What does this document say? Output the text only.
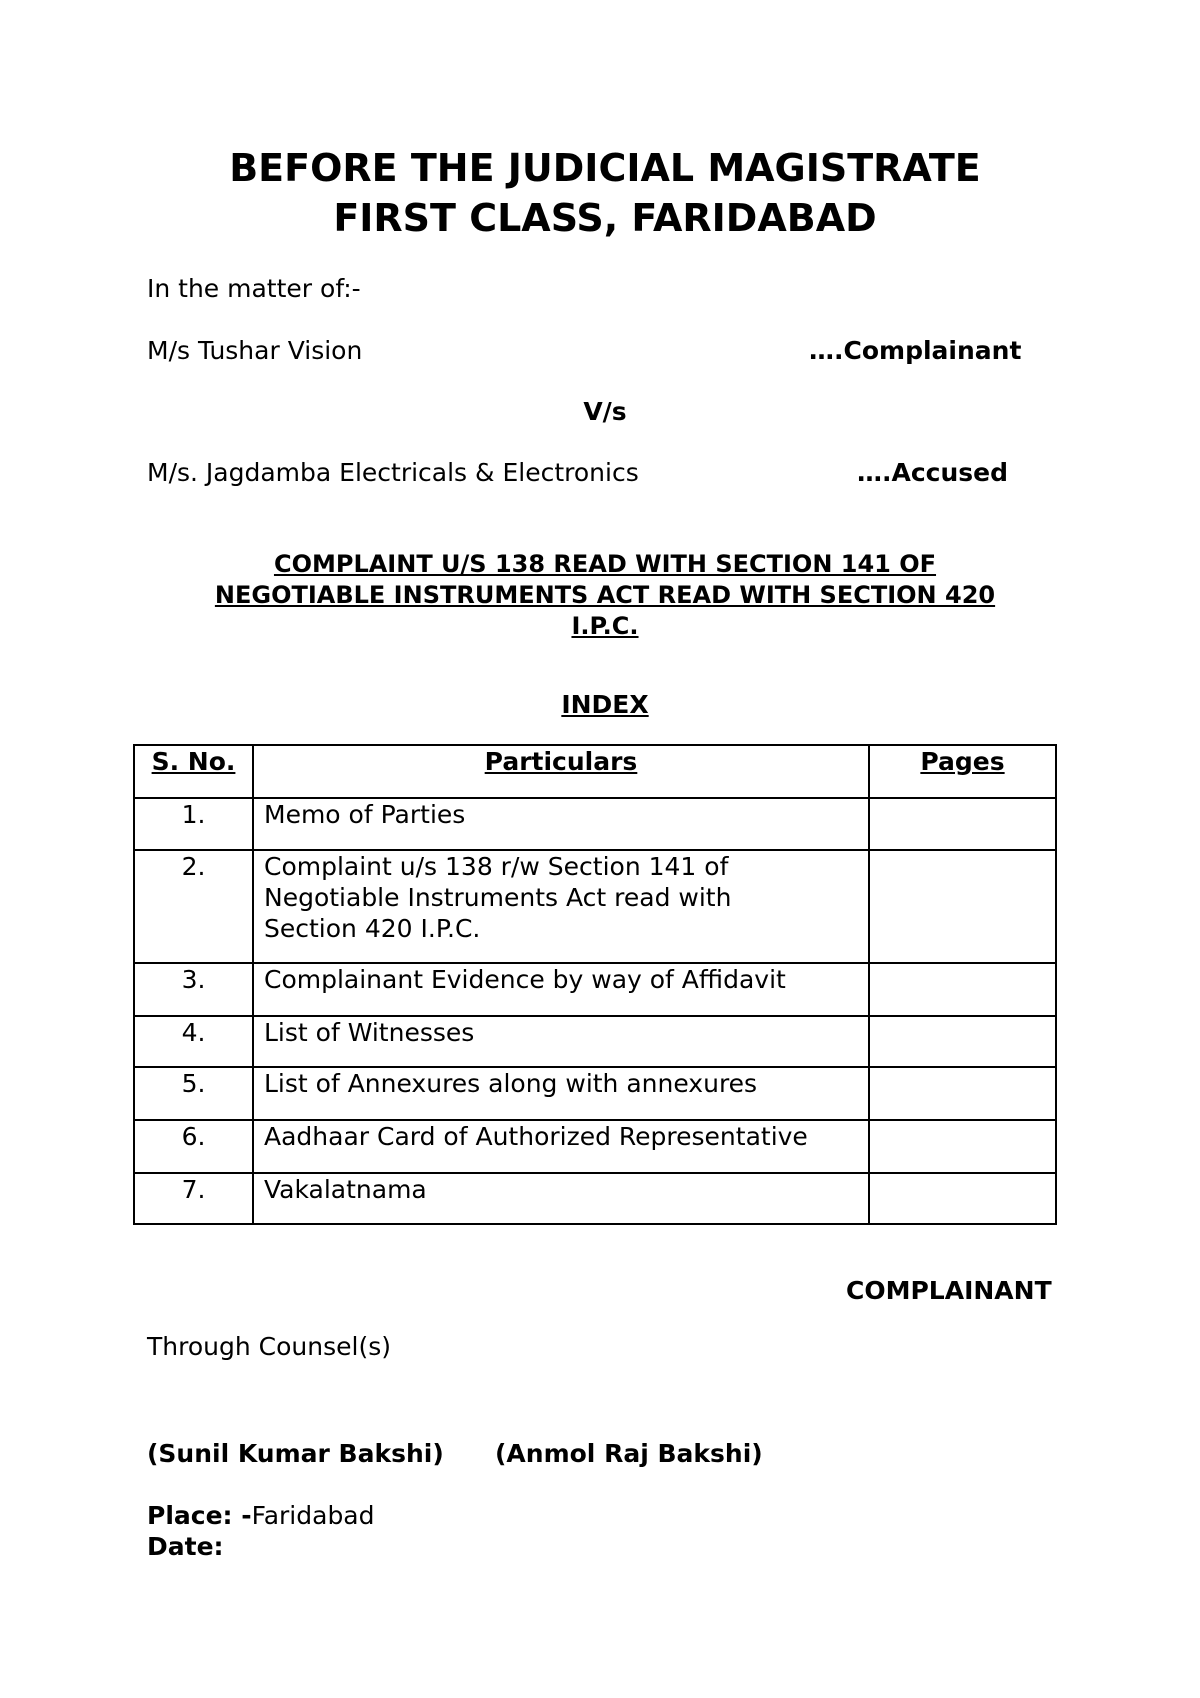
BEFORE THE JUDICIAL MAGISTRATE
FIRST CLASS, FARIDABAD
In the matter of:-
M/s Tushar Vision	….Complainant
V/s
M/s. Jagdamba Electricals & Electronics	….Accused
COMPLAINT U/S 138 READ WITH SECTION 141 OF
NEGOTIABLE INSTRUMENTS ACT READ WITH SECTION 420
I.P.C.
INDEX
S. No.	Particulars	Pages
1.	Memo of Parties	

2.	Complaint u/s 138 r/w Section 141 of
Negotiable Instruments Act read with
Section 420 I.P.C.	

3.	Complainant Evidence by way of Affidavit	

4.	List of Witnesses	

5.	List of Annexures along with annexures	

6.	Aadhaar Card of Authorized Representative	

7.	Vakalatnama	

COMPLAINANT
Through Counsel(s)
(Sunil Kumar Bakshi) (Anmol Raj Bakshi)
Place: -Faridabad
Date:
